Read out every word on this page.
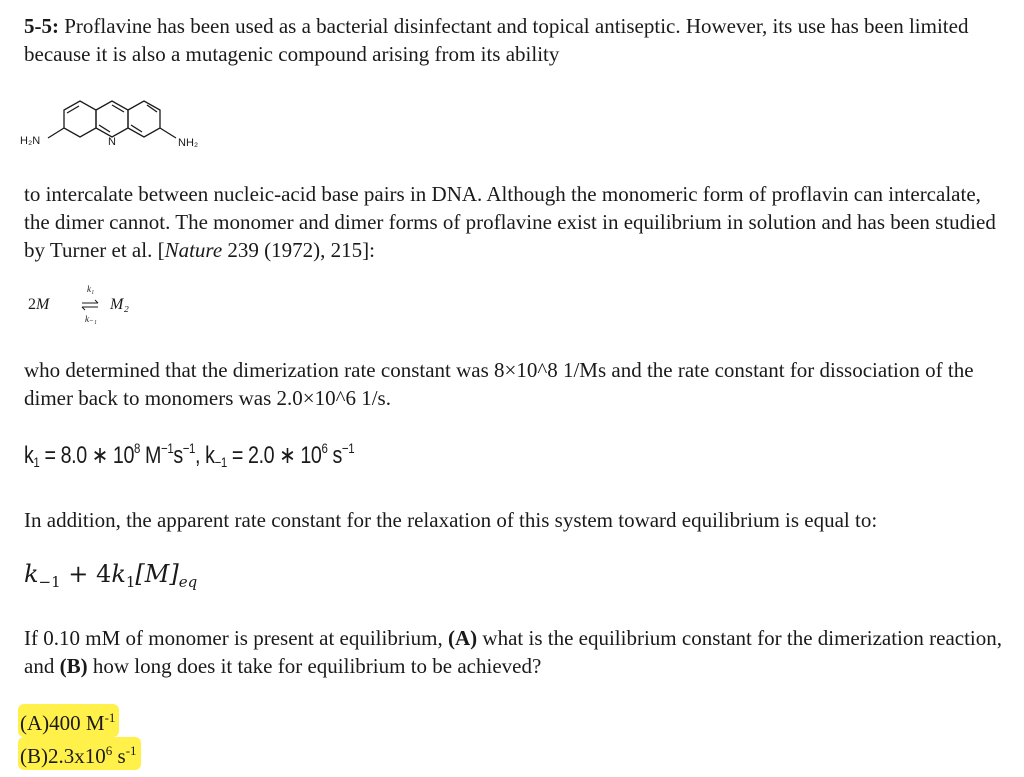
5-5: Proflavine has been used as a bacterial disinfectant and topical antiseptic. However, its use has been limited because it is also a mutagenic compound arising from its ability

H₂N	N	NH₂

to intercalate between nucleic-acid base pairs in DNA. Although the monomeric form of proflavin can intercalate, the dimer cannot. The monomer and dimer forms of proflavine exist in equilibrium in solution and has been studied by Turner et al. [Nature 239 (1972), 215]:

2M
k₁
k₋₁
M₂

who determined that the dimerization rate constant was 8×10^8 1/Ms and the rate constant for dissociation of the dimer back to monomers was 2.0×10^6 1/s.

$k_1 = 8.0$ ∗ $10^8$ $M^{-1}s^{-1}$, $k_{-1} = 2.0$ ∗ $10^6$ $s^{-1}$

In addition, the apparent rate constant for the relaxation of this system toward equilibrium is equal to:

$k_{-1} + 4k_1[M]_{eq}$

If 0.10 mM of monomer is present at equilibrium, (A) what is the equilibrium constant for the dimerization reaction, and (B) how long does it take for equilibrium to be achieved?

(A)400 $M^{-1}$
$(B)2.3x10^6$ $s^{-1}$
